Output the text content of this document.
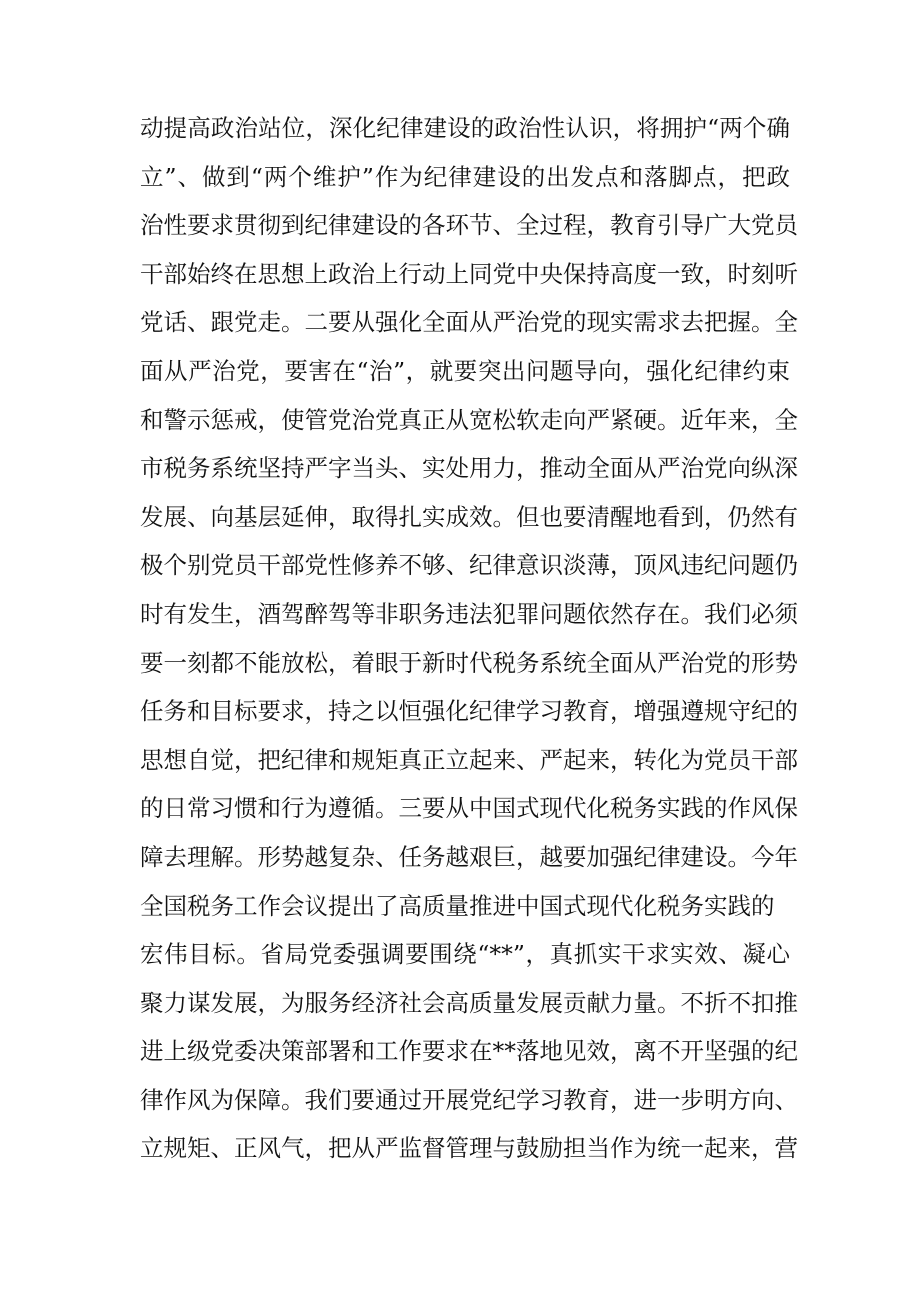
动提高政治站位，深化纪律建设的政治性认识，将拥护“两个确
立”、做到“两个维护”作为纪律建设的出发点和落脚点，把政
治性要求贯彻到纪律建设的各环节、全过程，教育引导广大党员
干部始终在思想上政治上行动上同党中央保持高度一致，时刻听
党话、跟党走。二要从强化全面从严治党的现实需求去把握。全
面从严治党，要害在“治”，就要突出问题导向，强化纪律约束
和警示惩戒，使管党治党真正从宽松软走向严紧硬。近年来，全
市税务系统坚持严字当头、实处用力，推动全面从严治党向纵深
发展、向基层延伸，取得扎实成效。但也要清醒地看到，仍然有
极个别党员干部党性修养不够、纪律意识淡薄，顶风违纪问题仍
时有发生，酒驾醉驾等非职务违法犯罪问题依然存在。我们必须
要一刻都不能放松，着眼于新时代税务系统全面从严治党的形势
任务和目标要求，持之以恒强化纪律学习教育，增强遵规守纪的
思想自觉，把纪律和规矩真正立起来、严起来，转化为党员干部
的日常习惯和行为遵循。三要从中国式现代化税务实践的作风保
障去理解。形势越复杂、任务越艰巨，越要加强纪律建设。今年
全国税务工作会议提出了高质量推进中国式现代化税务实践的
宏伟目标。省局党委强调要围绕“**”，真抓实干求实效、凝心
聚力谋发展，为服务经济社会高质量发展贡献力量。不折不扣推
进上级党委决策部署和工作要求在**落地见效，离不开坚强的纪
律作风为保障。我们要通过开展党纪学习教育，进一步明方向、
立规矩、正风气，把从严监督管理与鼓励担当作为统一起来，营
